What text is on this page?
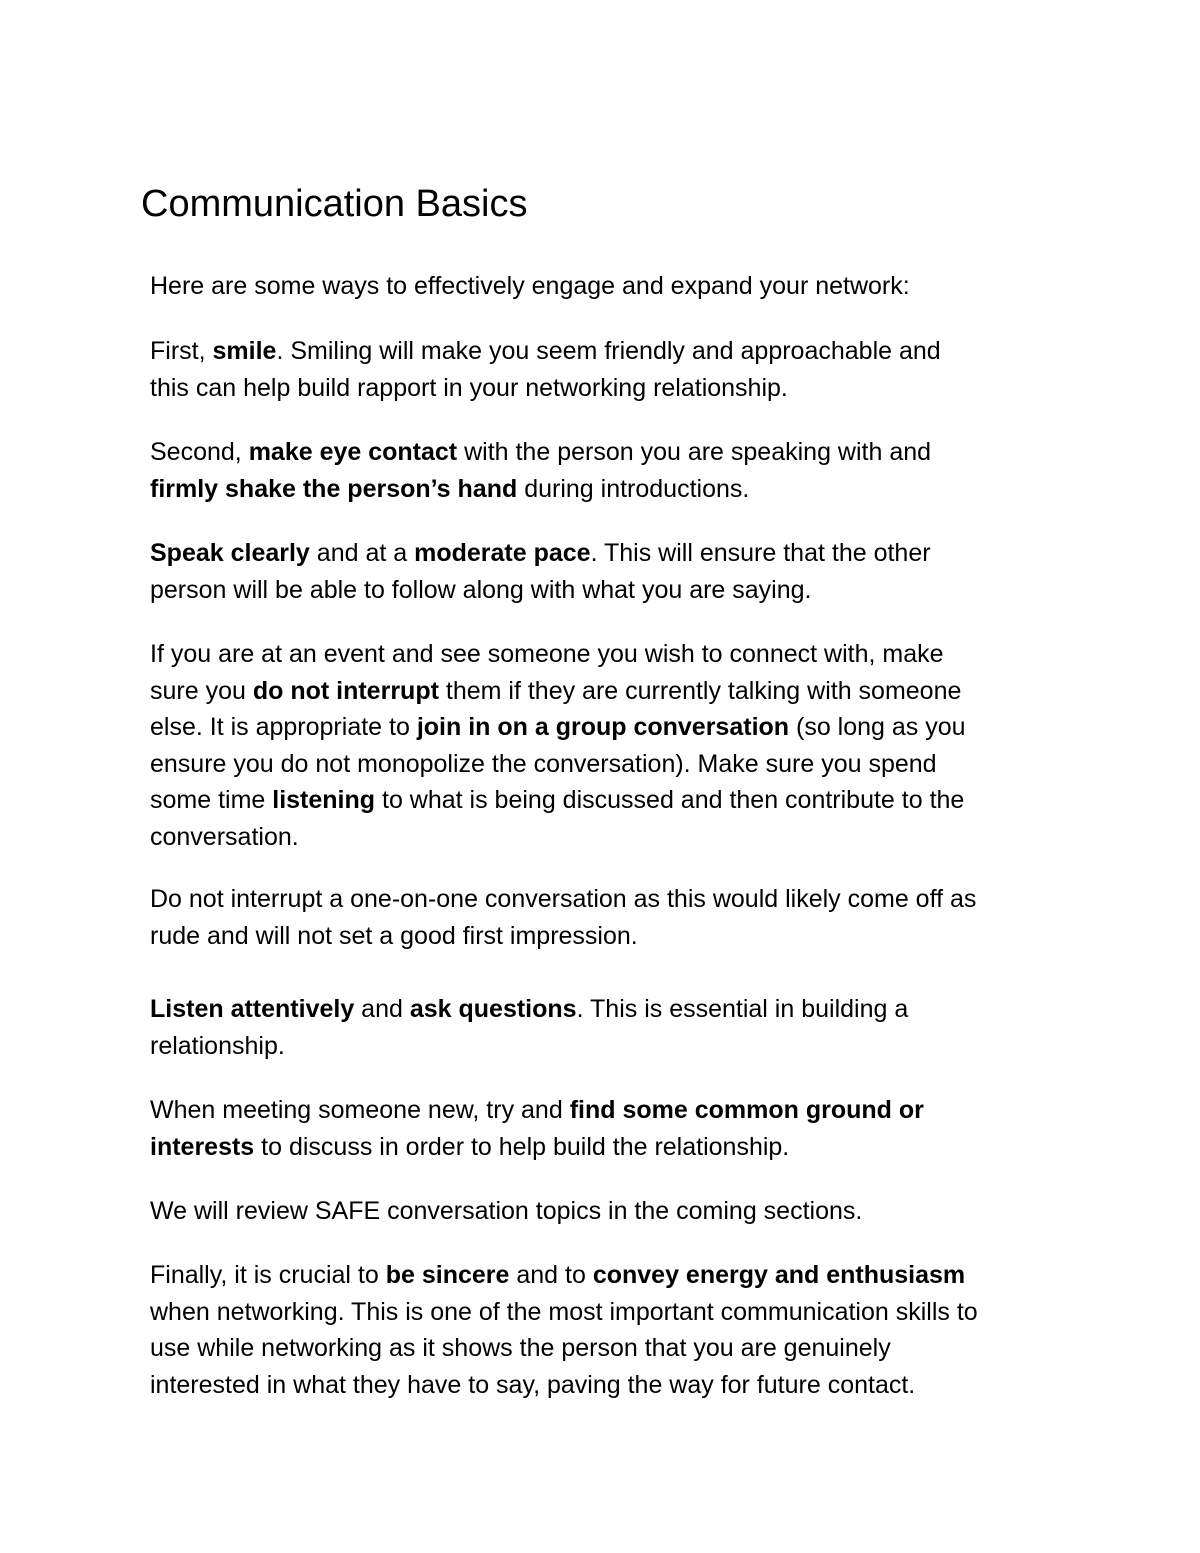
Communication Basics

Here are some ways to effectively engage and expand your network:

First, smile. Smiling will make you seem friendly and approachable and
this can help build rapport in your networking relationship.

Second, make eye contact with the person you are speaking with and
firmly shake the person’s hand during introductions.

Speak clearly and at a moderate pace. This will ensure that the other
person will be able to follow along with what you are saying.

If you are at an event and see someone you wish to connect with, make
sure you do not interrupt them if they are currently talking with someone
else. It is appropriate to join in on a group conversation (so long as you
ensure you do not monopolize the conversation). Make sure you spend
some time listening to what is being discussed and then contribute to the
conversation.

Do not interrupt a one-on-one conversation as this would likely come off as
rude and will not set a good first impression.

Listen attentively and ask questions. This is essential in building a
relationship.

When meeting someone new, try and find some common ground or
interests to discuss in order to help build the relationship.

We will review SAFE conversation topics in the coming sections.

Finally, it is crucial to be sincere and to convey energy and enthusiasm
when networking. This is one of the most important communication skills to
use while networking as it shows the person that you are genuinely
interested in what they have to say, paving the way for future contact.
